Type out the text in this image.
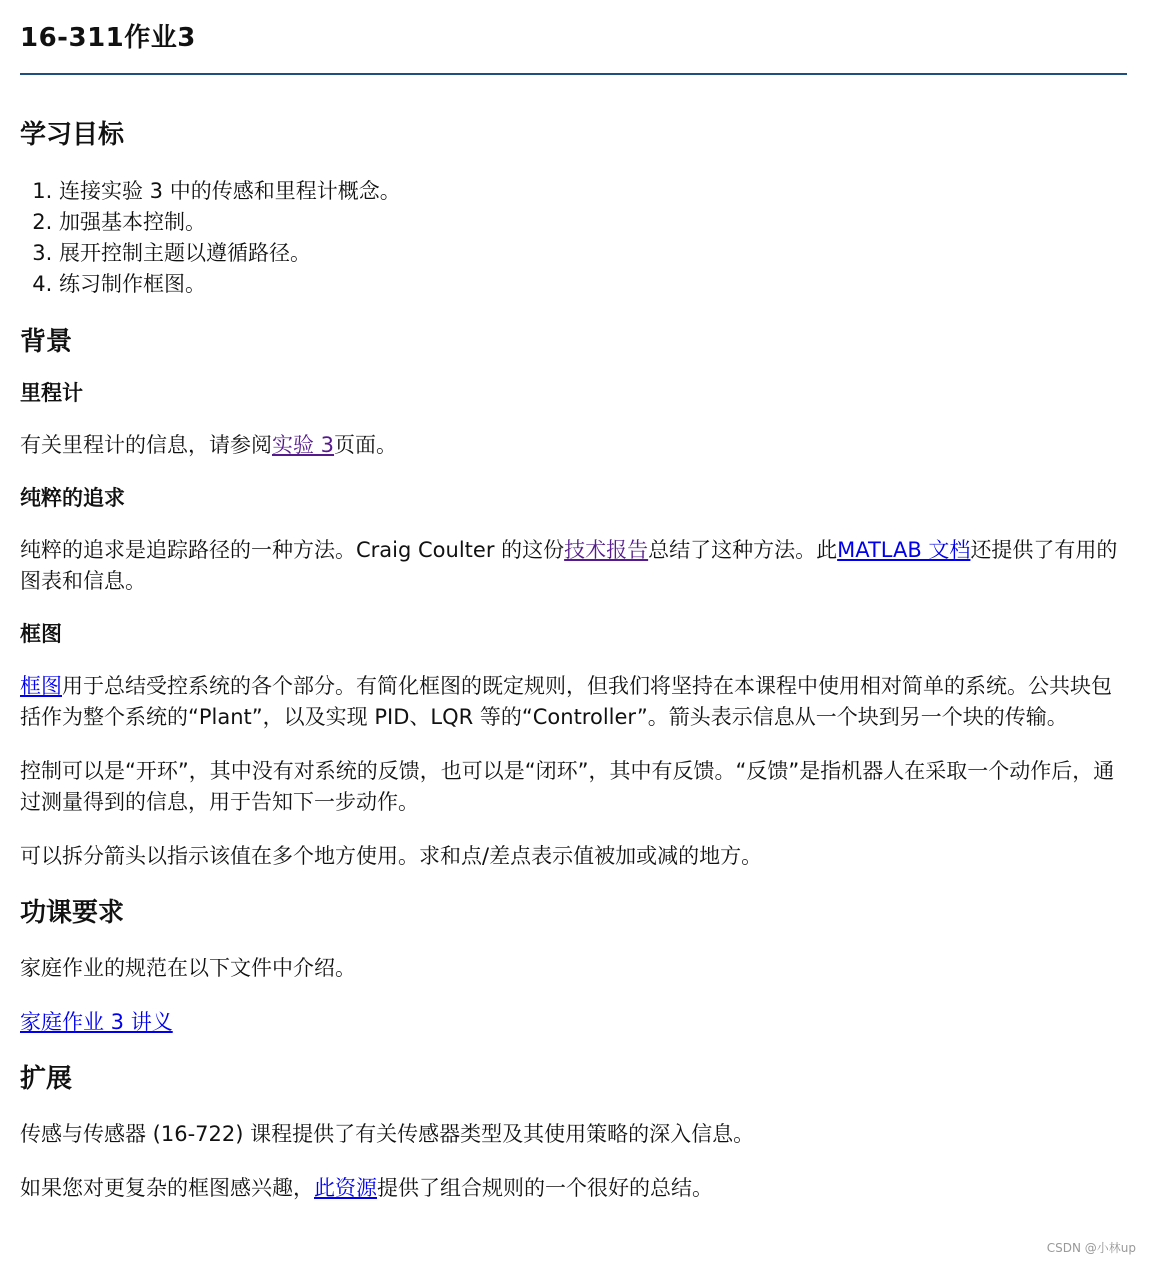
16-311作业3
学习目标
1. 连接实验 3 中的传感和里程计概念。
2. 加强基本控制。
3. 展开控制主题以遵循路径。
4. 练习制作框图。
背景
里程计

有关里程计的信息，请参阅实验 3页面。

纯粹的追求

纯粹的追求是追踪路径的一种方法。Craig Coulter 的这份技术报告总结了这种方法。此MATLAB 文档还提供了有用的图表和信息。

框图

框图用于总结受控系统的各个部分。有简化框图的既定规则，但我们将坚持在本课程中使用相对简单的系统。公共块包括作为整个系统的“Plant”，以及实现 PID、LQR 等的“Controller”。箭头表示信息从一个块到另一个块的传输。

控制可以是“开环”，其中没有对系统的反馈，也可以是“闭环”，其中有反馈。“反馈”是指机器人在采取一个动作后，通过测量得到的信息，用于告知下一步动作。

可以拆分箭头以指示该值在多个地方使用。求和点/差点表示值被加或减的地方。

功课要求

家庭作业的规范在以下文件中介绍。

家庭作业 3 讲义

扩展

传感与传感器 (16-722) 课程提供了有关传感器类型及其使用策略的深入信息。

如果您对更复杂的框图感兴趣，此资源提供了组合规则的一个很好的总结。

CSDN @小林up
